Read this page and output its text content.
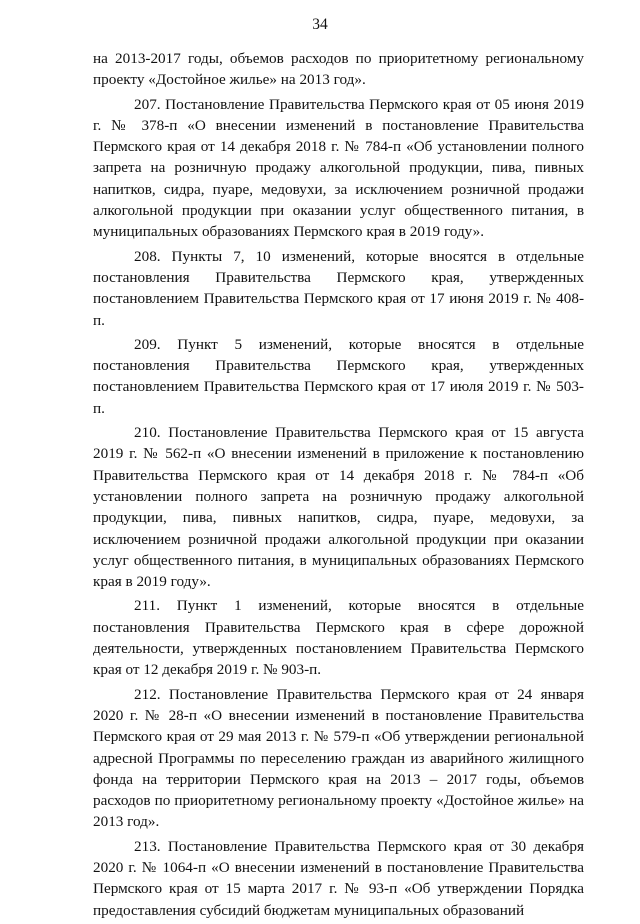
34

на 2013-2017 годы, объемов расходов по приоритетному региональному проекту «Достойное жилье» на 2013 год».

207. Постановление Правительства Пермского края от 05 июня 2019 г. № 378-п «О внесении изменений в постановление Правительства Пермского края от 14 декабря 2018 г. № 784-п «Об установлении полного запрета на розничную продажу алкогольной продукции, пива, пивных напитков, сидра, пуаре, медовухи, за исключением розничной продажи алкогольной продукции при оказании услуг общественного питания, в муниципальных образованиях Пермского края в 2019 году».

208. Пункты 7, 10 изменений, которые вносятся в отдельные постановления Правительства Пермского края, утвержденных постановлением Правительства Пермского края от 17 июня 2019 г. № 408-п.

209. Пункт 5 изменений, которые вносятся в отдельные постановления Правительства Пермского края, утвержденных постановлением Правительства Пермского края от 17 июля 2019 г. № 503-п.

210. Постановление Правительства Пермского края от 15 августа 2019 г. № 562-п «О внесении изменений в приложение к постановлению Правительства Пермского края от 14 декабря 2018 г. № 784-п «Об установлении полного запрета на розничную продажу алкогольной продукции, пива, пивных напитков, сидра, пуаре, медовухи, за исключением розничной продажи алкогольной продукции при оказании услуг общественного питания, в муниципальных образованиях Пермского края в 2019 году».

211. Пункт 1 изменений, которые вносятся в отдельные постановления Правительства Пермского края в сфере дорожной деятельности, утвержденных постановлением Правительства Пермского края от 12 декабря 2019 г. № 903-п.

212. Постановление Правительства Пермского края от 24 января 2020 г. № 28-п «О внесении изменений в постановление Правительства Пермского края от 29 мая 2013 г. № 579-п «Об утверждении региональной адресной Программы по переселению граждан из аварийного жилищного фонда на территории Пермского края на 2013 – 2017 годы, объемов расходов по приоритетному региональному проекту «Достойное жилье» на 2013 год».

213. Постановление Правительства Пермского края от 30 декабря 2020 г. № 1064-п «О внесении изменений в постановление Правительства Пермского края от 15 марта 2017 г. № 93-п «Об утверждении Порядка предоставления субсидий бюджетам муниципальных образований
